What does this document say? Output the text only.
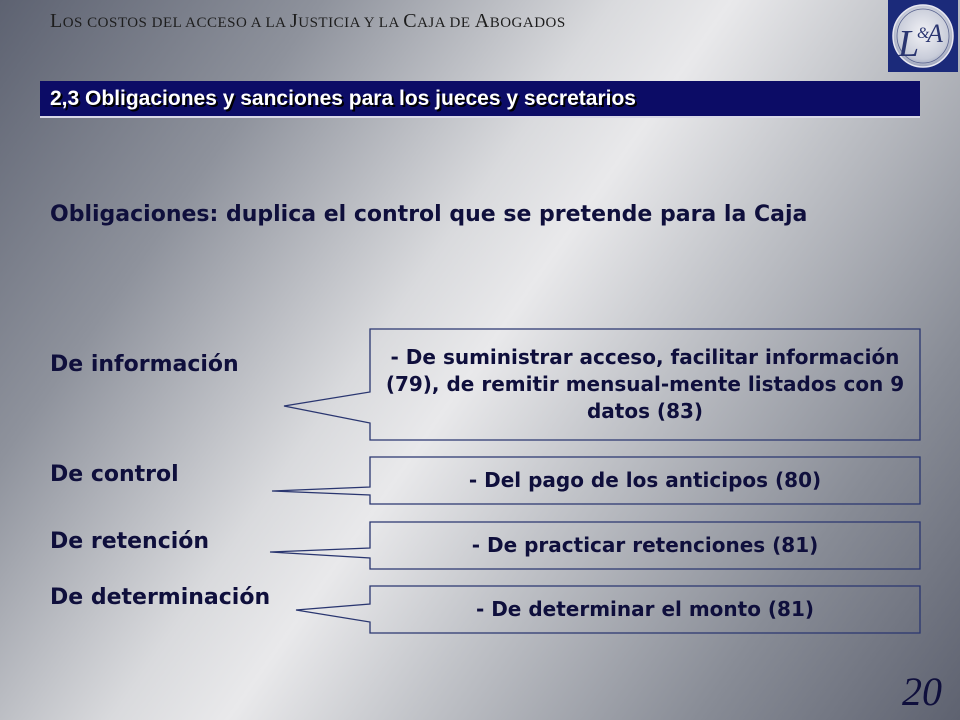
LOS COSTOS DEL ACCESO A LA JUSTICIA Y LA CAJA DE ABOGADOS	L A
&
2,3 Obligaciones y sanciones para los jueces y secretarios
Obligaciones: duplica el control que se pretende para la Caja
De información
De control
De retención
De determinación
- De suministrar acceso, facilitar información (79), de remitir mensual-mente listados con 9 datos (83)
- Del pago de los anticipos (80)
- De practicar retenciones (81)
- De determinar el monto (81)
20
